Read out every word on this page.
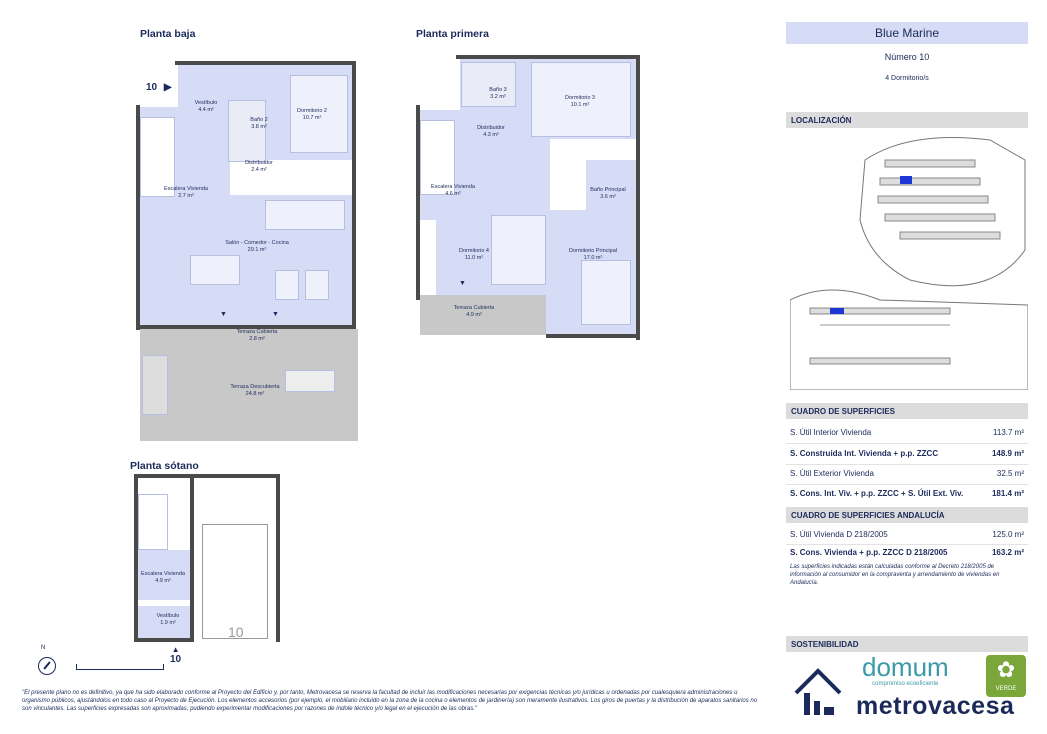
Planta baja
10 ▶
▼	▼
Vestíbulo
4.4 m²
Baño 2
3.8 m²
Dormitorio 2
10.7 m²
Distribuidor
2.4 m²
Escalera Vivienda
2.7 m²
Salón - Comedor - Cocina
29.1 m²
Terraza Cubierta
2.8 m²
Terraza Descubierta
24.8 m²
Planta primera
▼
Baño 3
3.2 m²	Dormitorio 3
10.1 m²
Distribuidor
4.3 m²
Escalera Vivienda
4.6 m²
Baño Principal
3.6 m²
Dormitorio 4
11.0 m²
Dormitorio Principal
17.0 m²
Terraza Cubierta
4.9 m²
Planta sótano
10
Escalera Vivienda
4.9 m²
Vestíbulo
1.9 m²
▲
10
N
Blue Marine
Número 10
4 Dormitorio/s
LOCALIZACIÓN
CUADRO DE SUPERFICIES
S. Útil Interior Vivienda	113.7 m²
S. Construida Int. Vivienda + p.p. ZZCC	148.9 m²
S. Útil Exterior Vivienda	32.5 m²
S. Cons. Int. Viv. + p.p. ZZCC + S. Útil Ext. Viv.	181.4 m²
CUADRO DE SUPERFICIES ANDALUCÍA
S. Útil Vivienda D 218/2005	125.0 m²
S. Cons. Vivienda + p.p. ZZCC D 218/2005	163.2 m²
Las superficies indicadas están calculadas conforme al Decreto 218/2005 de información al consumidor en la compraventa y arrendamiento de viviendas en Andalucía.
SOSTENIBILIDAD
domum
compromiso ecoeficiente
✿
VERDE
metrovacesa
"El presente plano no es definitivo, ya que ha sido elaborado conforme al Proyecto del Edificio y, por tanto, Metrovacesa se reserva la facultad de incluir las modificaciones necesarias por exigencias técnicas y/o jurídicas u ordenadas por cualesquiera administraciones u organismo públicos, ajustándolos en todo caso al Proyecto de Ejecución. Los elementos accesorios (por ejemplo, el mobiliario incluido en la zona de la cocina o elementos de jardinería) son meramente ilustrativos. Los giros de puertas y la distribución de aparatos sanitarios no son vinculantes. Las superficies expresadas son aproximadas, pudiendo experimentar modificaciones por razones de índole técnico y/o legal en el ejecución de las obras."
